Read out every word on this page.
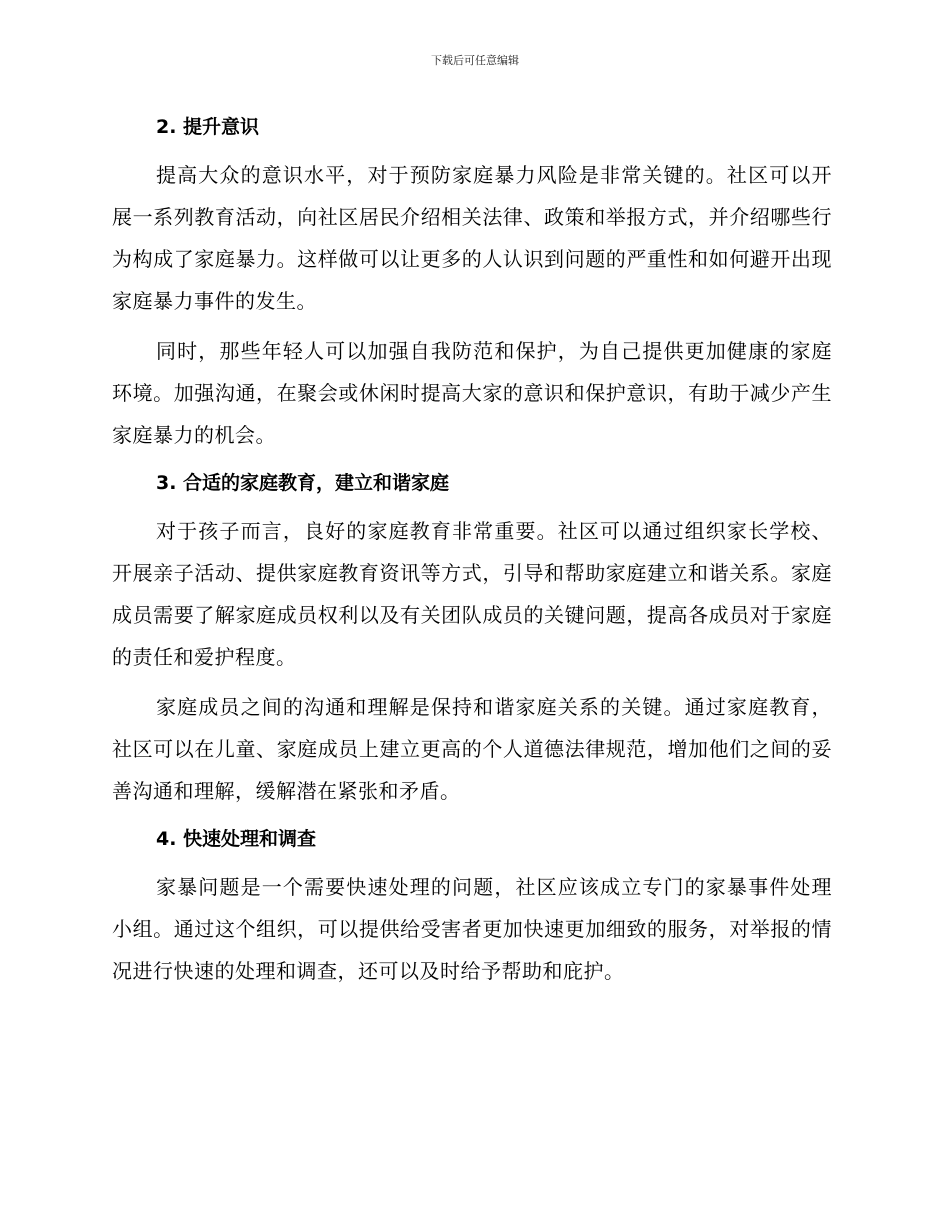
下载后可任意编辑
2. 提升意识

提高大众的意识水平，对于预防家庭暴力风险是非常关键的。社区可以开展一系列教育活动，向社区居民介绍相关法律、政策和举报方式，并介绍哪些行为构成了家庭暴力。这样做可以让更多的人认识到问题的严重性和如何避开出现家庭暴力事件的发生。

同时，那些年轻人可以加强自我防范和保护，为自己提供更加健康的家庭环境。加强沟通，在聚会或休闲时提高大家的意识和保护意识，有助于减少产生家庭暴力的机会。

3. 合适的家庭教育，建立和谐家庭

对于孩子而言，良好的家庭教育非常重要。社区可以通过组织家长学校、开展亲子活动、提供家庭教育资讯等方式，引导和帮助家庭建立和谐关系。家庭成员需要了解家庭成员权利以及有关团队成员的关键问题，提高各成员对于家庭的责任和爱护程度。

家庭成员之间的沟通和理解是保持和谐家庭关系的关键。通过家庭教育，社区可以在儿童、家庭成员上建立更高的个人道德法律规范，增加他们之间的妥善沟通和理解，缓解潜在紧张和矛盾。

4. 快速处理和调查

家暴问题是一个需要快速处理的问题，社区应该成立专门的家暴事件处理小组。通过这个组织，可以提供给受害者更加快速更加细致的服务，对举报的情况进行快速的处理和调查，还可以及时给予帮助和庇护。
